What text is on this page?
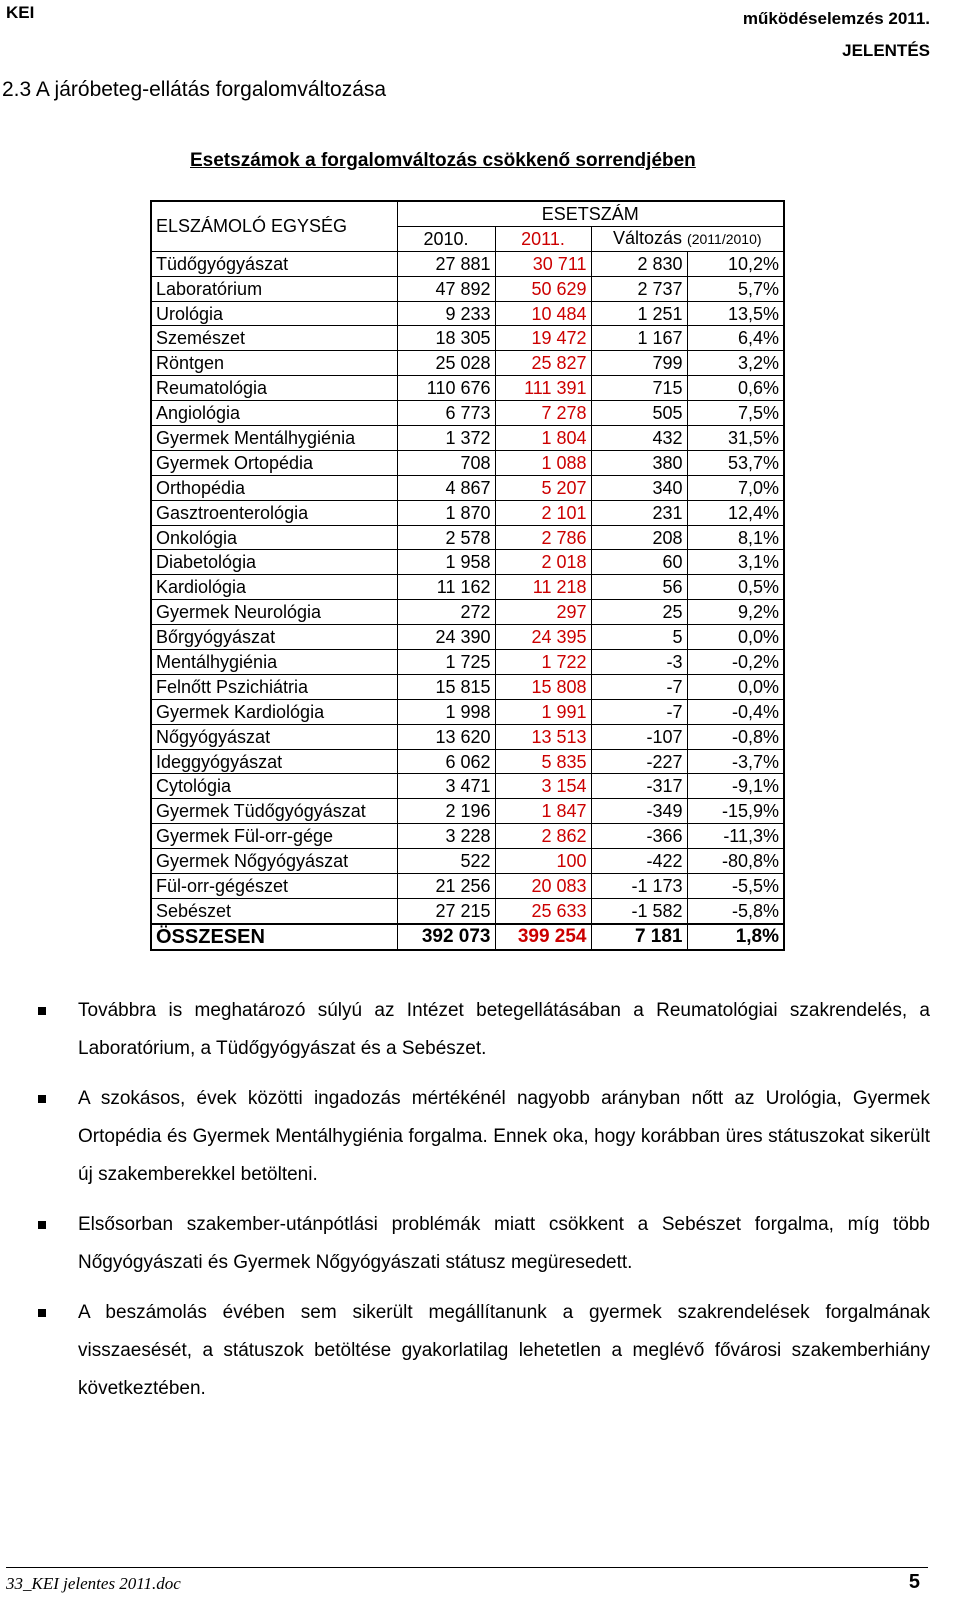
KEI	működéselemzés 2011.
JELENTÉS
2.3 A járóbeteg-ellátás forgalomváltozása
Esetszámok a forgalomváltozás csökkenő sorrendjében
ELSZÁMOLÓ EGYSÉG	ESETSZÁM			
	2010.	2011.	Változás (2011/2010)	
Tüdőgyógyászat	27 881	30 711	2 830	10,2%
Laboratórium	47 892	50 629	2 737	5,7%
Urológia	9 233	10 484	1 251	13,5%
Szemészet	18 305	19 472	1 167	6,4%
Röntgen	25 028	25 827	799	3,2%
Reumatológia	110 676	111 391	715	0,6%
Angiológia	6 773	7 278	505	7,5%
Gyermek Mentálhygiénia	1 372	1 804	432	31,5%
Gyermek Ortopédia	708	1 088	380	53,7%
Orthopédia	4 867	5 207	340	7,0%
Gasztroenterológia	1 870	2 101	231	12,4%
Onkológia	2 578	2 786	208	8,1%
Diabetológia	1 958	2 018	60	3,1%
Kardiológia	11 162	11 218	56	0,5%
Gyermek Neurológia	272	297	25	9,2%
Bőrgyógyászat	24 390	24 395	5	0,0%
Mentálhygiénia	1 725	1 722	-3	-0,2%
Felnőtt Pszichiátria	15 815	15 808	-7	0,0%
Gyermek Kardiológia	1 998	1 991	-7	-0,4%
Nőgyógyászat	13 620	13 513	-107	-0,8%
Ideggyógyászat	6 062	5 835	-227	-3,7%
Cytológia	3 471	3 154	-317	-9,1%
Gyermek Tüdőgyógyászat	2 196	1 847	-349	-15,9%
Gyermek Fül-orr-gége	3 228	2 862	-366	-11,3%
Gyermek Nőgyógyászat	522	100	-422	-80,8%
Fül-orr-gégészet	21 256	20 083	-1 173	-5,5%
Sebészet	27 215	25 633	-1 582	-5,8%
ÖSSZESEN	392 073	399 254	7 181	1,8%
Továbbra is meghatározó súlyú az Intézet betegellátásában a Reumatológiai szakrendelés, a Laboratórium, a Tüdőgyógyászat és a Sebészet.
A szokásos, évek közötti ingadozás mértékénél nagyobb arányban nőtt az Urológia, Gyermek Ortopédia és Gyermek Mentálhygiénia forgalma. Ennek oka, hogy korábban üres státuszokat sikerült új szakemberekkel betölteni.
Elsősorban szakember-utánpótlási problémák miatt csökkent a Sebészet forgalma, míg több Nőgyógyászati és Gyermek Nőgyógyászati státusz megüresedett.
A beszámolás évében sem sikerült megállítanunk a gyermek szakrendelések forgalmának visszaesését, a státuszok betöltése gyakorlatilag lehetetlen a meglévő fővárosi szakemberhiány következtében.
33_KEI jelentes 2011.doc	5
